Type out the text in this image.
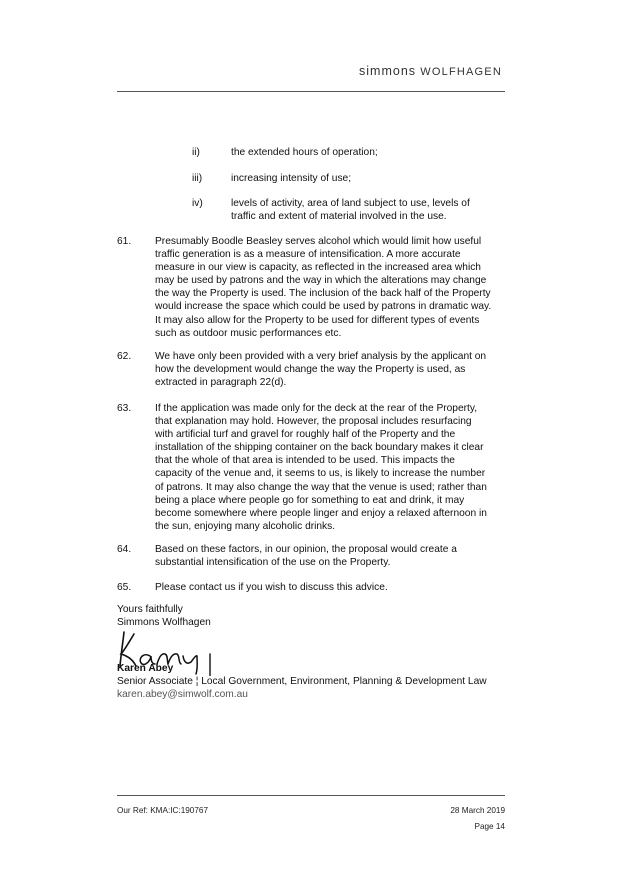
simmons WOLFHAGEN
ii)	the extended hours of operation;
iii)	increasing intensity of use;
iv)	levels of activity, area of land subject to use, levels of
traffic and extent of material involved in the use.
61.	Presumably Boodle Beasley serves alcohol which would limit how useful
traffic generation is as a measure of intensification. A more accurate
measure in our view is capacity, as reflected in the increased area which
may be used by patrons and the way in which the alterations may change
the way the Property is used. The inclusion of the back half of the Property
would increase the space which could be used by patrons in dramatic way.
It may also allow for the Property to be used for different types of events
such as outdoor music performances etc.
62.	We have only been provided with a very brief analysis by the applicant on
how the development would change the way the Property is used, as
extracted in paragraph 22(d).
63.	If the application was made only for the deck at the rear of the Property,
that explanation may hold. However, the proposal includes resurfacing
with artificial turf and gravel for roughly half of the Property and the
installation of the shipping container on the back boundary makes it clear
that the whole of that area is intended to be used. This impacts the
capacity of the venue and, it seems to us, is likely to increase the number
of patrons. It may also change the way that the venue is used; rather than
being a place where people go for something to eat and drink, it may
become somewhere where people linger and enjoy a relaxed afternoon in
the sun, enjoying many alcoholic drinks.
64.	Based on these factors, in our opinion, the proposal would create a
substantial intensification of the use on the Property.
65.	Please contact us if you wish to discuss this advice.
Yours faithfully
Simmons Wolfhagen
Karen Abey
Senior Associate ¦ Local Government, Environment, Planning & Development Law
karen.abey@simwolf.com.au
Our Ref: KMA:IC:190767	28 March 2019
Page 14
